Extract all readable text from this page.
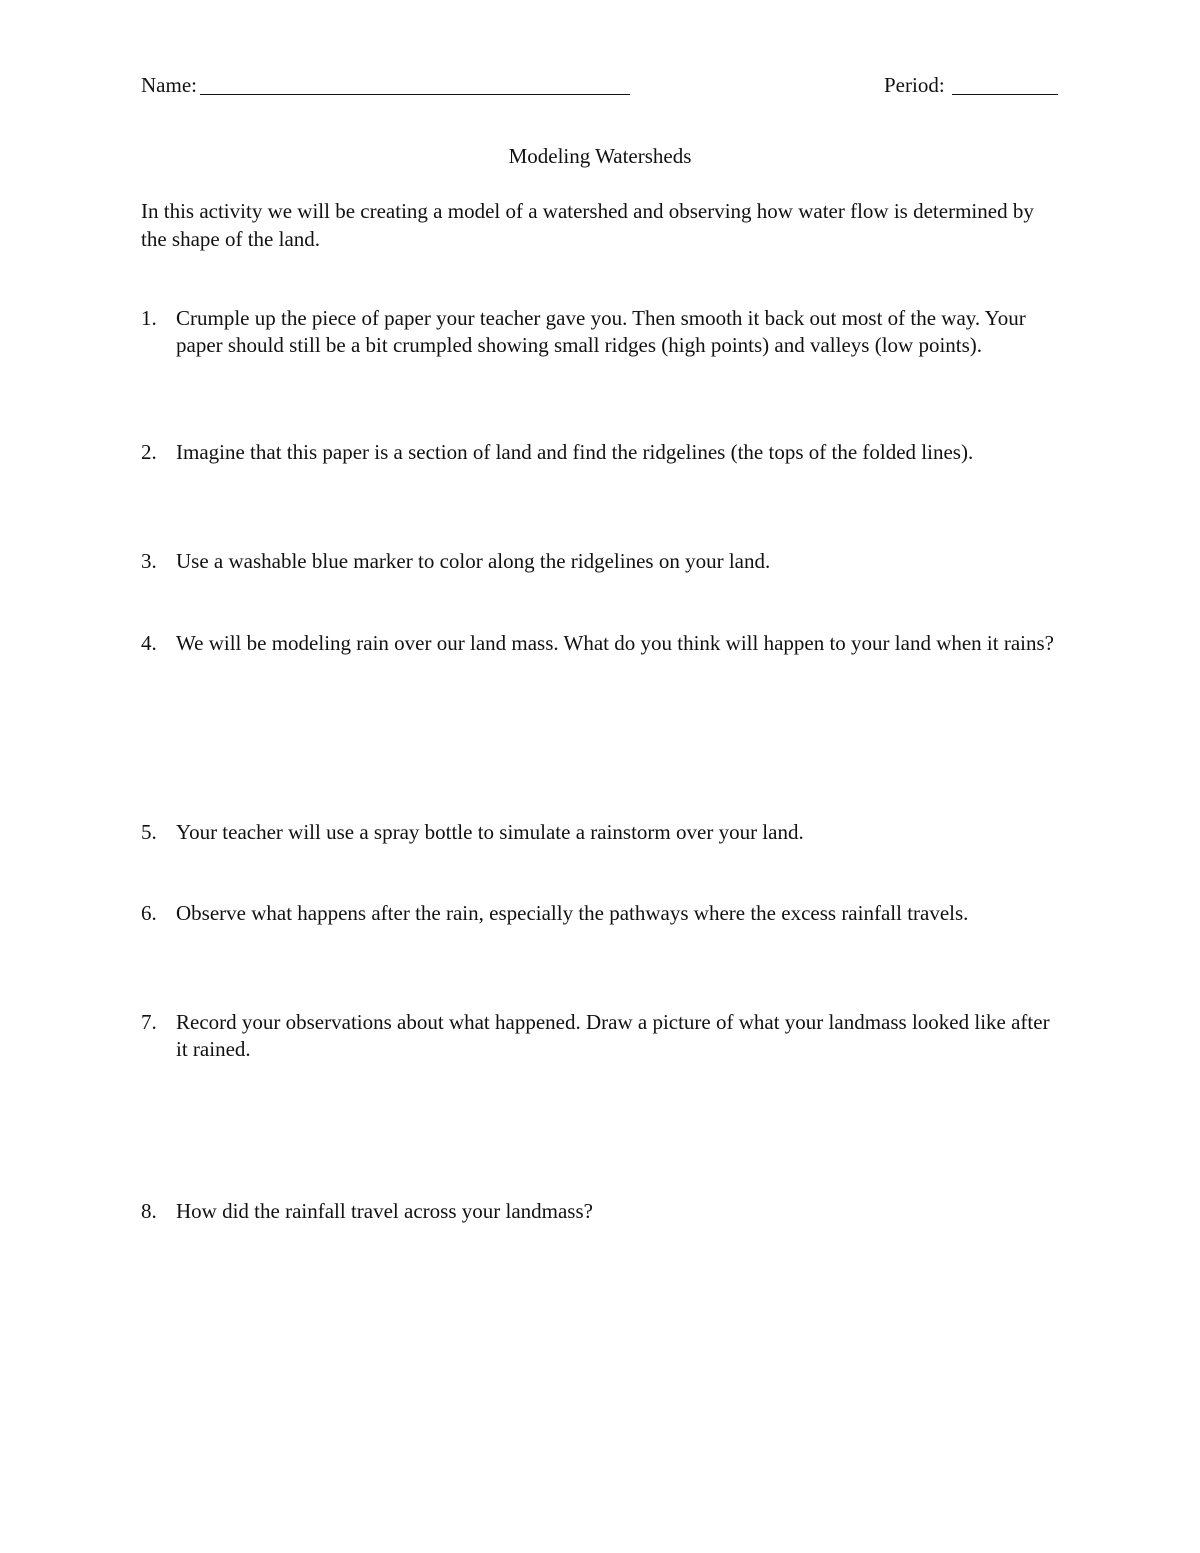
Name:	Period:
Modeling Watersheds
In this activity we will be creating a model of a watershed and observing how water flow is determined by the shape of the land.
1. Crumple up the piece of paper your teacher gave you. Then smooth it back out most of the way. Your paper should still be a bit crumpled showing small ridges (high points) and valleys (low points).
2. Imagine that this paper is a section of land and find the ridgelines (the tops of the folded lines).
3. Use a washable blue marker to color along the ridgelines on your land.
4. We will be modeling rain over our land mass. What do you think will happen to your land when it rains?
5. Your teacher will use a spray bottle to simulate a rainstorm over your land.
6. Observe what happens after the rain, especially the pathways where the excess rainfall travels.
7. Record your observations about what happened. Draw a picture of what your landmass looked like after it rained.
8. How did the rainfall travel across your landmass?
